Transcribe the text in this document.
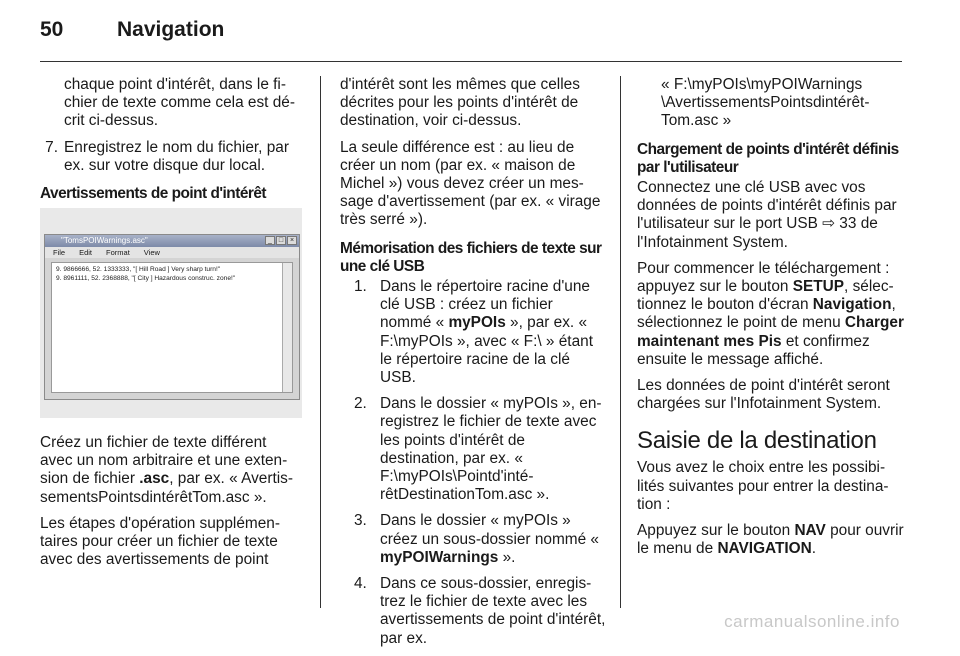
50	Navigation

chaque point d'intérêt, dans le fichier de texte comme cela est décrit ci-dessus.

7. Enregistrez le nom du fichier, par ex. sur votre disque dur local.

Avertissements de point d'intérêt

"TomsPOIWarnings.asc"	_ □ ×
File Edit Format View
9. 9866666, 52. 1333333, "[ Hill Road ] Very sharp turn!"
9. 8961111, 52. 2368888, "[ City ] Hazardous construc. zone!"

Créez un fichier de texte différent avec un nom arbitraire et une extension de fichier .asc, par ex. « AvertissementsPointsdintérêtTom.asc ».

Les étapes d'opération supplémentaires pour créer un fichier de texte avec des avertissements de point

d'intérêt sont les mêmes que celles décrites pour les points d'intérêt de destination, voir ci-dessus.

La seule différence est : au lieu de créer un nom (par ex. « maison de Michel ») vous devez créer un message d'avertissement (par ex. « virage très serré »).

Mémorisation des fichiers de texte sur une clé USB

1. Dans le répertoire racine d'une clé USB : créez un fichier nommé « myPOIs », par ex. « F:\myPOIs », avec « F:\ » étant le répertoire racine de la clé USB.
2. Dans le dossier « myPOIs », enregistrez le fichier de texte avec les points d'intérêt de destination, par ex. « F:\myPOIs\Pointd'intérêtDestinationTom.asc ».
3. Dans le dossier « myPOIs » créez un sous-dossier nommé « myPOIWarnings ».
4. Dans ce sous-dossier, enregistrez le fichier de texte avec les avertissements de point d'intérêt, par ex.

« F:\myPOIs\myPOIWarnings \AvertissementsPointsdintérêtTom.asc »

Chargement de points d'intérêt définis par l'utilisateur

Connectez une clé USB avec vos données de points d'intérêt définis par l'utilisateur sur le port USB ⇨ 33 de l'Infotainment System.

Pour commencer le téléchargement : appuyez sur le bouton SETUP, sélectionnez le bouton d'écran Navigation, sélectionnez le point de menu Charger maintenant mes Pis et confirmez ensuite le message affiché.

Les données de point d'intérêt seront chargées sur l'Infotainment System.

Saisie de la destination

Vous avez le choix entre les possibilités suivantes pour entrer la destination :

Appuyez sur le bouton NAV pour ouvrir le menu de NAVIGATION.

carmanualsonline.info
